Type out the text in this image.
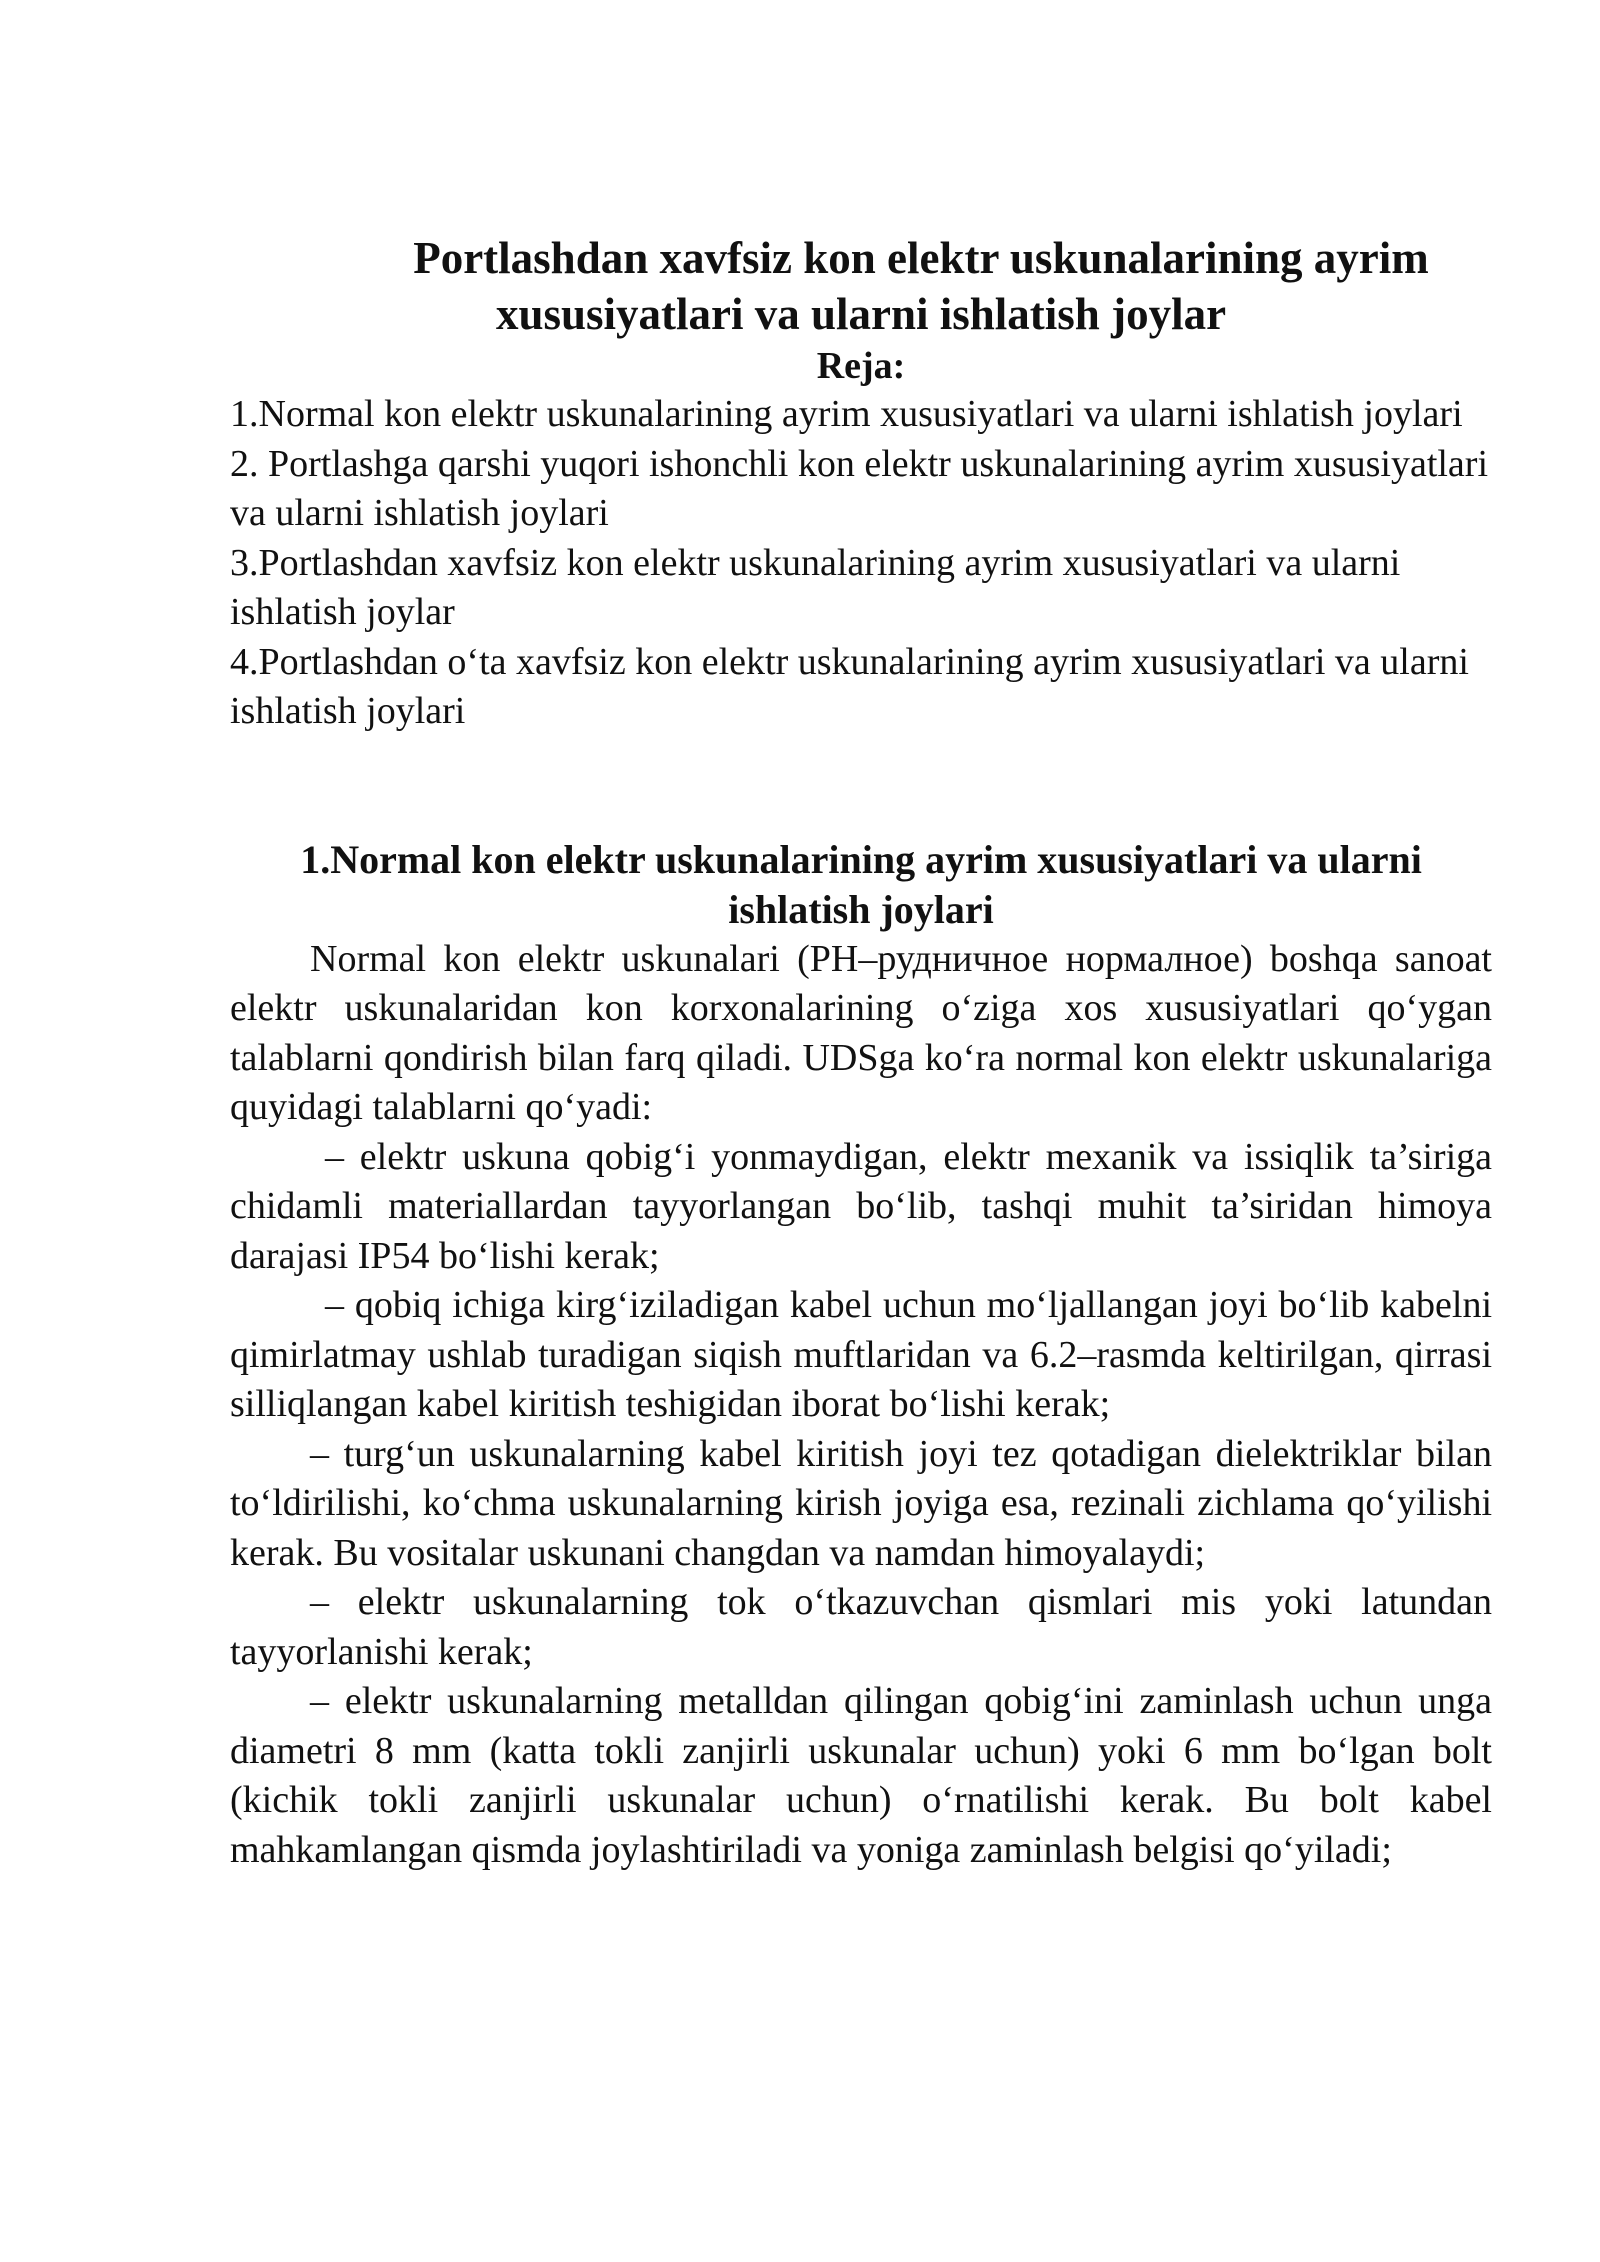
Portlashdan xavfsiz kon elektr uskunalarining ayrim
xususiyatlari va ularni ishlatish joylar

Reja:

1.Normal kon elektr uskunalarining ayrim xususiyatlari va ularni ishlatish joylari
2. Portlashga qarshi yuqori ishonchli kon elektr uskunalarining ayrim xususiyatlari va ularni ishlatish joylari
3.Portlashdan xavfsiz kon elektr uskunalarining ayrim xususiyatlari va ularni ishlatish joylar
4.Portlashdan o‘ta xavfsiz kon elektr uskunalarining ayrim xususiyatlari va ularni ishlatish joylari
1.Normal kon elektr uskunalarining ayrim xususiyatlari va ularni
ishlatish joylari

Normal kon elektr uskunalari (PH–рудничное нормалное) boshqa sanoat elektr uskunalaridan kon korxonalarining o‘ziga xos xususiyatlari qo‘ygan talablarni qondirish bilan farq qiladi. UDSga ko‘ra normal kon elektr uskunalariga quyidagi talablarni qo‘yadi:

– elektr uskuna qobig‘i yonmaydigan, elektr mexanik va issiqlik ta’siriga chidamli materiallardan tayyorlangan bo‘lib, tashqi muhit ta’siridan himoya darajasi IP54 bo‘lishi kerak;

– qobiq ichiga kirg‘iziladigan kabel uchun mo‘ljallangan joyi bo‘lib kabelni qimirlatmay ushlab turadigan siqish muftlaridan va 6.2–rasmda keltirilgan, qirrasi silliqlangan kabel kiritish teshigidan iborat bo‘lishi kerak;

– turg‘un uskunalarning kabel kiritish joyi tez qotadigan dielektriklar bilan to‘ldirilishi, ko‘chma uskunalarning kirish joyiga esa, rezinali zichlama qo‘yilishi kerak. Bu vositalar uskunani changdan va namdan himoyalaydi;

– elektr uskunalarning tok o‘tkazuvchan qismlari mis yoki latundan tayyorlanishi kerak;

– elektr uskunalarning metalldan qilingan qobig‘ini zaminlash uchun unga diametri 8 mm (katta tokli zanjirli uskunalar uchun) yoki 6 mm bo‘lgan bolt (kichik tokli zanjirli uskunalar uchun) o‘rnatilishi kerak. Bu bolt kabel mahkamlangan qismda joylashtiriladi va yoniga zaminlash belgisi qo‘yiladi;
